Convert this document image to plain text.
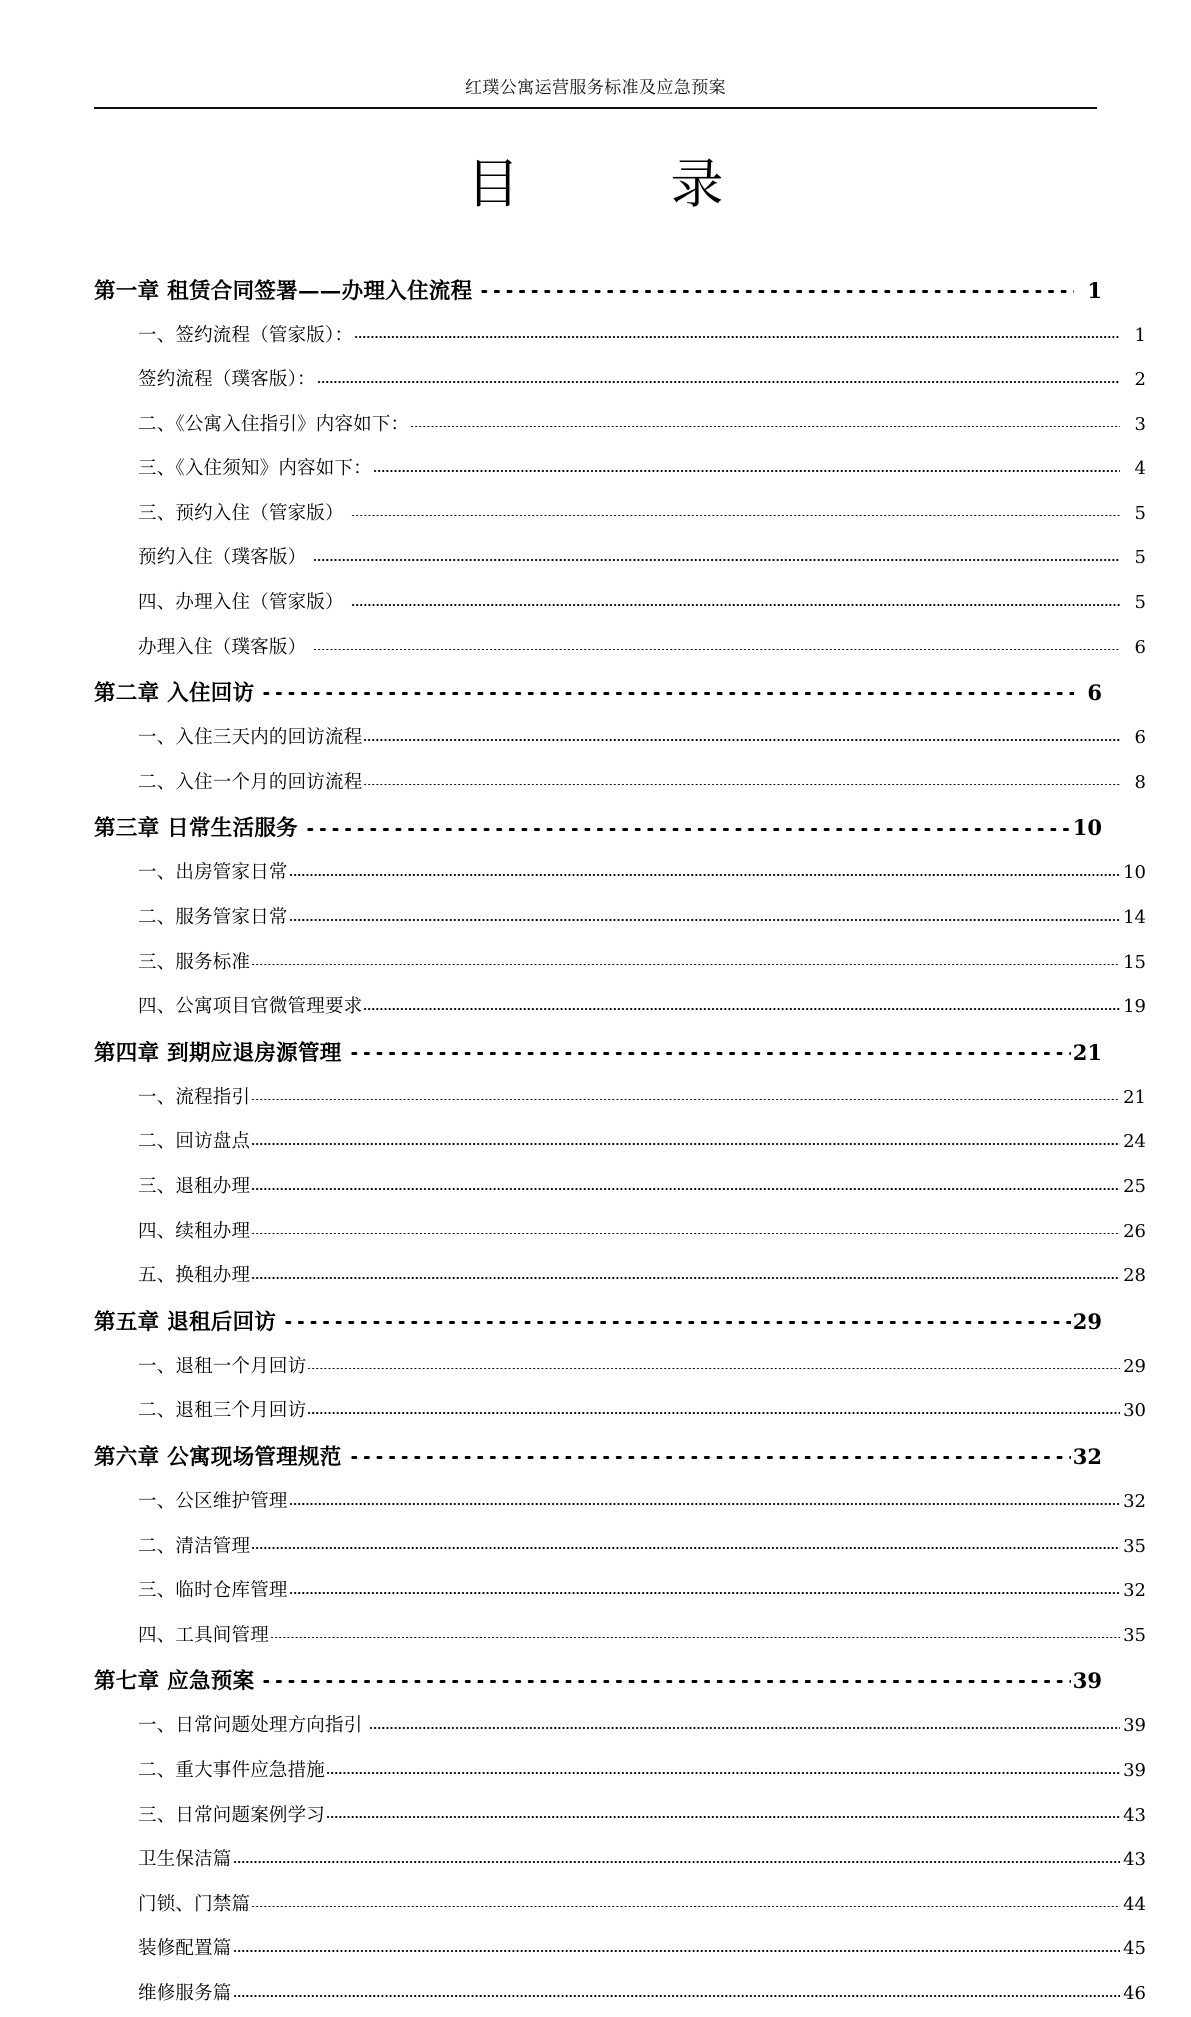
红璞公寓运营服务标准及应急预案
目	录
第一章 租赁合同签署——办理入住流程	1
一、签约流程（管家版）：	1
签约流程（璞客版）：	2
二、《公寓入住指引》内容如下：	3
三、《入住须知》内容如下：	4
三、预约入住（管家版）	5
预约入住（璞客版）	5
四、办理入住（管家版）	5
办理入住（璞客版）	6
第二章 入住回访	6
一、入住三天内的回访流程	6
二、入住一个月的回访流程	8
第三章 日常生活服务	10
一、出房管家日常	10
二、服务管家日常	14
三、服务标准	15
四、公寓项目官微管理要求	19
第四章 到期应退房源管理	21
一、流程指引	21
二、回访盘点	24
三、退租办理	25
四、续租办理	26
五、换租办理	28
第五章 退租后回访	29
一、退租一个月回访	29
二、退租三个月回访	30
第六章 公寓现场管理规范	32
一、公区维护管理	32
二、清洁管理	35
三、临时仓库管理	32
四、工具间管理	35
第七章 应急预案	39
一、日常问题处理方向指引	39
二、重大事件应急措施	39
三、日常问题案例学习	43
卫生保洁篇	43
门锁、门禁篇	44
装修配置篇	45
维修服务篇	46
